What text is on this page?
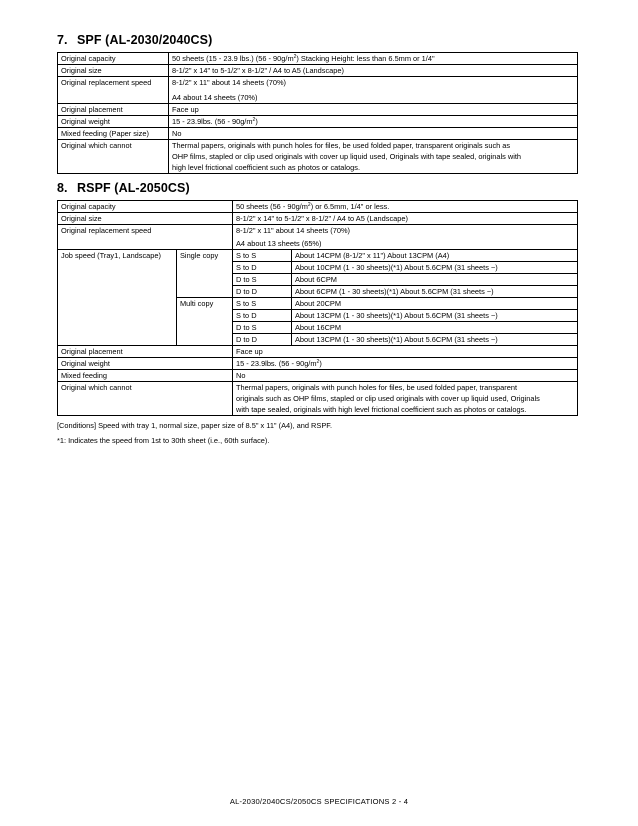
7. SPF (AL-2030/2040CS)
Original capacity	50 sheets (15 - 23.9 lbs.) $(56 - 90g/m^2)$ Stacking Height: less than 6.5mm or 1/4"
Original size	8-1/2" x 14" to 5-1/2" x 8-1/2" / A4 to A5 (Landscape)
Original replacement speed	8-1/2" x 11" about 14 sheets (70%)
A4 about 14 sheets (70%)

Original placement	Face up
Original weight	15 - 23.9lbs. $(56 - 90g/m^2)$
Mixed feeding (Paper size)	No
Original which cannot	Thermal papers, originals with punch holes for files, be used folded paper, transparent originals such as
OHP films, stapled or clip used originals with cover up liquid used, Originals with tape sealed, originals with
high level frictional coefficient such as photos or catalogs.
8. RSPF (AL-2050CS)
Original capacity		50 sheets $(56 - 90g/m^2)$ or 6.5mm, 1/4" or less.	
Original size		8-1/2" x 14" to 5-1/2" x 8-1/2" / A4 to A5 (Landscape)	
Original replacement speed		8-1/2" x 11" about 14 sheets (70%)
A4 about 13 sheets (65%)	

Job speed (Tray1, Landscape)	Single copy	S to S	About 14CPM (8-1/2" x 11") About 13CPM (A4)
		S to D	About 10CPM (1 - 30 sheets)(*1) About 5.6CPM (31 sheets ~)
		D to S	About 6CPM
		D to D	About 6CPM (1 - 30 sheets)(*1) About 5.6CPM (31 sheets ~)
	Multi copy	S to S	About 20CPM
		S to D	About 13CPM (1 - 30 sheets)(*1) About 5.6CPM (31 sheets ~)
		D to S	About 16CPM
		D to D	About 13CPM (1 - 30 sheets)(*1) About 5.6CPM (31 sheets ~)
Original placement		Face up	
Original weight		15 - 23.9lbs. $(56 - 90g/m^2)$	
Mixed feeding		No	
Original which cannot		Thermal papers, originals with punch holes for files, be used folded paper, transparent
originals such as OHP films, stapled or clip used originals with cover up liquid used, Originals
with tape sealed, originals with high level frictional coefficient such as photos or catalogs.	
[Conditions] Speed with tray 1, normal size, paper size of 8.5" x 11" (A4), and RSPF.
*1: Indicates the speed from 1st to 30th sheet (i.e., 60th surface).
AL-2030/2040CS/2050CS SPECIFICATIONS 2 - 4
